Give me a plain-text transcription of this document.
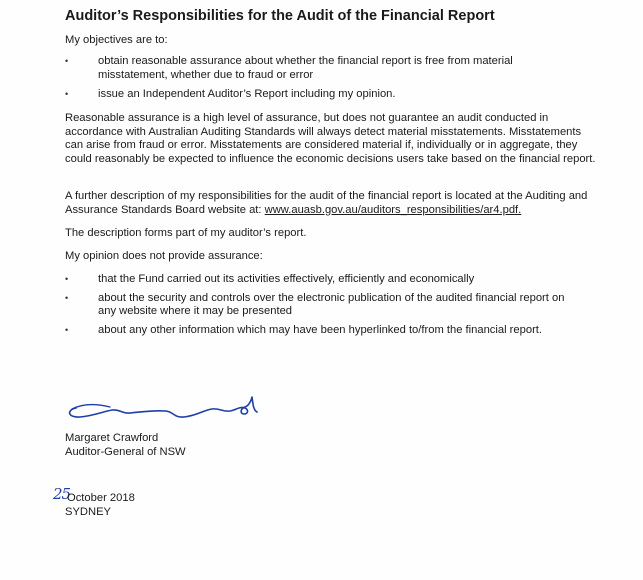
Auditor’s Responsibilities for the Audit of the Financial Report

My objectives are to:

•	obtain reasonable assurance about whether the financial report is free from material misstatement, whether due to fraud or error
•	issue an Independent Auditor’s Report including my opinion.

Reasonable assurance is a high level of assurance, but does not guarantee an audit conducted in accordance with Australian Auditing Standards will always detect material misstatements. Misstatements can arise from fraud or error. Misstatements are considered material if, individually or in aggregate, they could reasonably be expected to influence the economic decisions users take based on the financial report.

A further description of my responsibilities for the audit of the financial report is located at the Auditing and Assurance Standards Board website at: www.auasb.gov.au/auditors_responsibilities/ar4.pdf.

The description forms part of my auditor’s report.

My opinion does not provide assurance:

•	that the Fund carried out its activities effectively, efficiently and economically
•	about the security and controls over the electronic publication of the audited financial report on any website where it may be presented
•	about any other information which may have been hyperlinked to/from the financial report.

Margaret Crawford

Auditor-General of NSW

25

October 2018

SYDNEY
